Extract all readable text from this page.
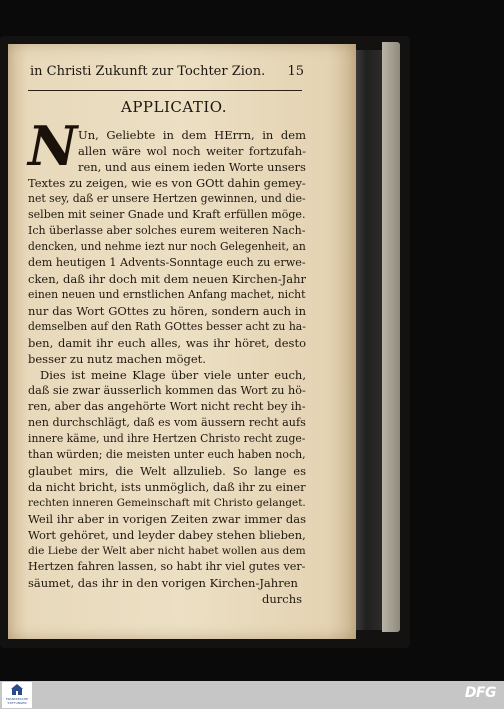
in Christi Zukunft zur Tochter Zion. 15
APPLICATIO.
N Un, Geliebte in dem HErrn, in dem
allen wäre wol noch weiter fortzufah-
ren, und aus einem ieden Worte unsers
Textes zu zeigen, wie es von GOtt dahin gemey-
net sey, daß er unsere Hertzen gewinnen, und die-
selben mit seiner Gnade und Kraft erfüllen möge.
Ich überlasse aber solches eurem weiteren Nach-
dencken, und nehme iezt nur noch Gelegenheit, an
dem heutigen 1 Advents-Sonntage euch zu erwe-
cken, daß ihr doch mit dem neuen Kirchen-Jahr
einen neuen und ernstlichen Anfang machet, nicht
nur das Wort GOttes zu hören, sondern auch in
demselben auf den Rath GOttes besser acht zu ha-
ben, damit ihr euch alles, was ihr höret, desto
besser zu nutz machen möget.
Dies ist meine Klage über viele unter euch,
daß sie zwar äusserlich kommen das Wort zu hö-
ren, aber das angehörte Wort nicht recht bey ih-
nen durchschlägt, daß es vom äussern recht aufs
innere käme, und ihre Hertzen Christo recht zuge-
than würden; die meisten unter euch haben noch,
glaubet mirs, die Welt allzulieb. So lange es
da nicht bricht, ists unmöglich, daß ihr zu einer
rechten inneren Gemeinschaft mit Christo gelanget.
Weil ihr aber in vorigen Zeiten zwar immer das
Wort gehöret, und leyder dabey stehen blieben,
die Liebe der Welt aber nicht habet wollen aus dem
Hertzen fahren lassen, so habt ihr viel gutes ver-
säumet, das ihr in den vorigen Kirchen-Jahren
durchs
FRANCKESCHE STIFTUNGEN
DFG
